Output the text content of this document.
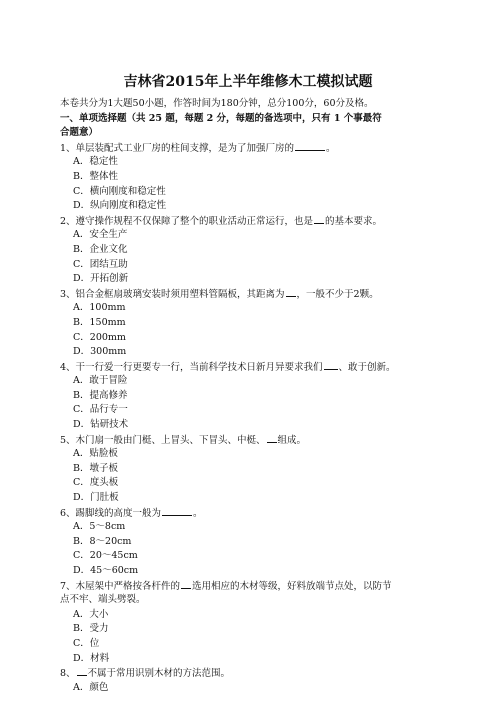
吉林省2015年上半年维修木工模拟试题
本卷共分为1大题50小题，作答时间为180分钟，总分100分，60分及格。
一、单项选择题（共 25 题，每题 2 分，每题的备选项中，只有 1 个事最符
合题意）
1、单层装配式工业厂房的柱间支撑，是为了加强厂房的	。
A．稳定性
B．整体性
C．横向刚度和稳定性
D．纵向刚度和稳定性
2、遵守操作规程不仅保障了整个的职业活动正常运行，也是 的基本要求。
A．安全生产
B．企业文化
C．团结互助
D．开拓创新
3、铝合金框扇玻璃安装时须用塑料管隔板，其距离为 ，一般不少于2颗。
A．100mm
B．150mm
C．200mm
D．300mm
4、干一行爱一行更要专一行，当前科学技术日新月异要求我们 、敢于创新。
A．敢于冒险
B．提高修养
C．品行专一
D．钻研技术
5、木门扇一般由门梃、上冒头、下冒头、中梃、 组成。
A．贴脸板
B．墩子板
C．度头板
D．门肚板
6、踢脚线的高度一般为	。
A．5～8cm
B．8～20cm
C．20～45cm
D．45～60cm
7、木屋架中严格按各杆件的 选用相应的木材等级，好料放端节点处，以防节
点不牢、端头劈裂。
A．大小
B．受力
C．位
D．材料
8、 不属于常用识别木材的方法范围。
A．颜色
